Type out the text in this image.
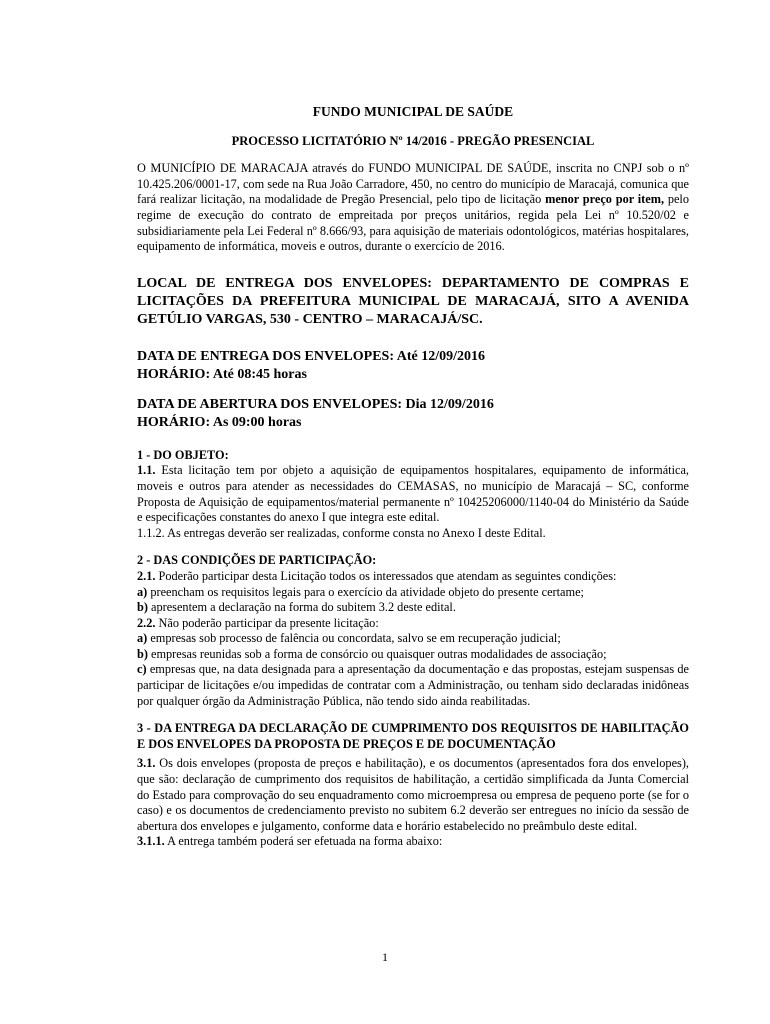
FUNDO MUNICIPAL DE SAÚDE
PROCESSO LICITATÓRIO Nº 14/2016 - PREGÃO PRESENCIAL

O MUNICÍPIO DE MARACAJA através do FUNDO MUNICIPAL DE SAÚDE, inscrita no CNPJ sob o nº 10.425.206/0001-17, com sede na Rua João Carradore, 450, no centro do município de Maracajá, comunica que fará realizar licitação, na modalidade de Pregão Presencial, pelo tipo de licitação menor preço por item, pelo regime de execução do contrato de empreitada por preços unitários, regida pela Lei nº 10.520/02 e subsidiariamente pela Lei Federal nº 8.666/93, para aquisição de materiais odontológicos, matérias hospitalares, equipamento de informática, moveis e outros, durante o exercício de 2016.

LOCAL DE ENTREGA DOS ENVELOPES: DEPARTAMENTO DE COMPRAS E LICITAÇÕES DA PREFEITURA MUNICIPAL DE MARACAJÁ, SITO A AVENIDA GETÚLIO VARGAS, 530 - CENTRO – MARACAJÁ/SC.
DATA DE ENTREGA DOS ENVELOPES: Até 12/09/2016
HORÁRIO: Até 08:45 horas
DATA DE ABERTURA DOS ENVELOPES: Dia 12/09/2016
HORÁRIO: As 09:00 horas
1 - DO OBJETO:

1.1. Esta licitação tem por objeto a aquisição de equipamentos hospitalares, equipamento de informática, moveis e outros para atender as necessidades do CEMASAS, no município de Maracajá – SC, conforme Proposta de Aquisição de equipamentos/material permanente nº 10425206000/1140-04 do Ministério da Saúde e especificações constantes do anexo I que integra este edital.

1.1.2. As entregas deverão ser realizadas, conforme consta no Anexo I deste Edital.

2 - DAS CONDIÇÕES DE PARTICIPAÇÃO:

2.1. Poderão participar desta Licitação todos os interessados que atendam as seguintes condições:

a) preencham os requisitos legais para o exercício da atividade objeto do presente certame;

b) apresentem a declaração na forma do subitem 3.2 deste edital.

2.2. Não poderão participar da presente licitação:

a) empresas sob processo de falência ou concordata, salvo se em recuperação judicial;

b) empresas reunidas sob a forma de consórcio ou quaisquer outras modalidades de associação;

c) empresas que, na data designada para a apresentação da documentação e das propostas, estejam suspensas de participar de licitações e/ou impedidas de contratar com a Administração, ou tenham sido declaradas inidôneas por qualquer órgão da Administração Pública, não tendo sido ainda reabilitadas.

3 - DA ENTREGA DA DECLARAÇÃO DE CUMPRIMENTO DOS REQUISITOS DE HABILITAÇÃO E DOS ENVELOPES DA PROPOSTA DE PREÇOS E DE DOCUMENTAÇÃO

3.1. Os dois envelopes (proposta de preços e habilitação), e os documentos (apresentados fora dos envelopes), que são: declaração de cumprimento dos requisitos de habilitação, a certidão simplificada da Junta Comercial do Estado para comprovação do seu enquadramento como microempresa ou empresa de pequeno porte (se for o caso) e os documentos de credenciamento previsto no subitem 6.2 deverão ser entregues no início da sessão de abertura dos envelopes e julgamento, conforme data e horário estabelecido no preâmbulo deste edital.

3.1.1. A entrega também poderá ser efetuada na forma abaixo:

1
